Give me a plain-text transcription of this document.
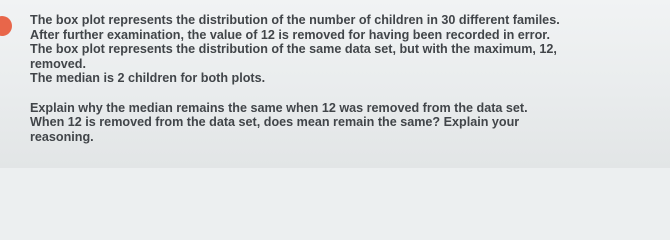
The box plot represents the distribution of the number of children in 30 different familes.
After further examination, the value of 12 is removed for having been recorded in error.
The box plot represents the distribution of the same data set, but with the maximum, 12,
removed.
The median is 2 children for both plots.
Explain why the median remains the same when 12 was removed from the data set.
When 12 is removed from the data set, does mean remain the same? Explain your
reasoning.
